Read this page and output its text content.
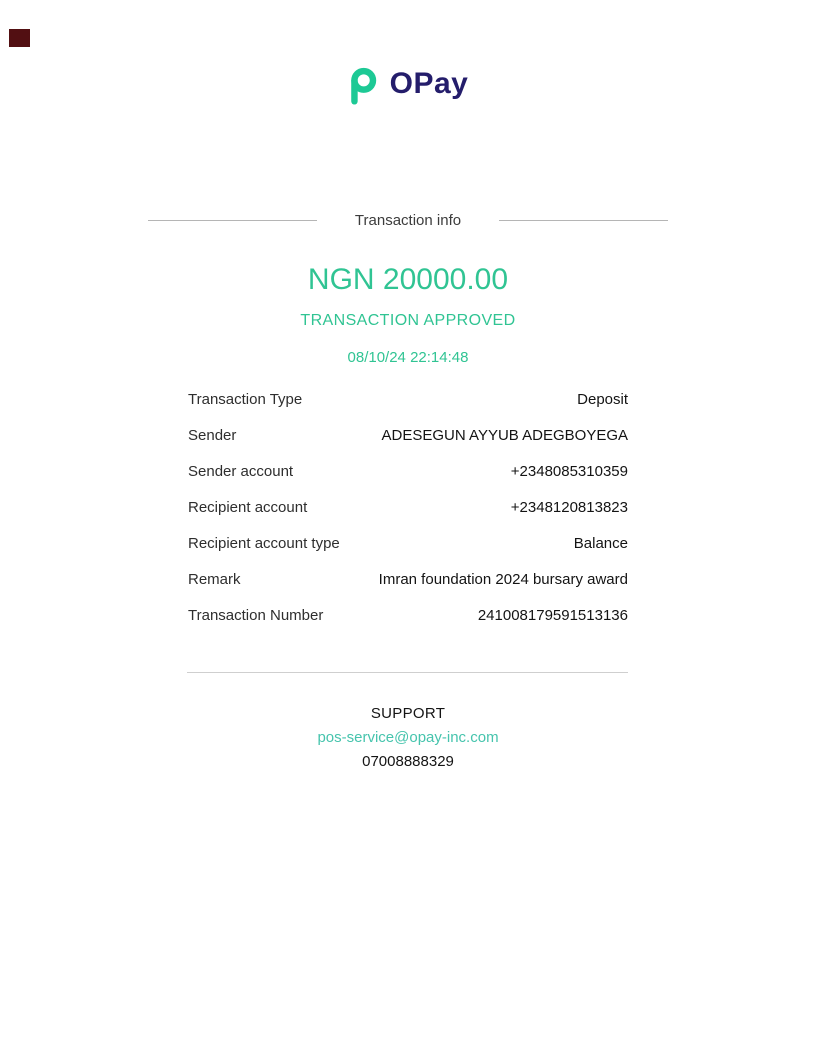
OPay
Transaction info
NGN 20000.00
TRANSACTION APPROVED
08/10/24 22:14:48
Transaction Type	Deposit
Sender	ADESEGUN AYYUB ADEGBOYEGA
Sender account	+2348085310359
Recipient account	+2348120813823
Recipient account type	Balance
Remark	Imran foundation 2024 bursary award
Transaction Number	241008179591513136
SUPPORT
pos-service@opay-inc.com
07008888329
